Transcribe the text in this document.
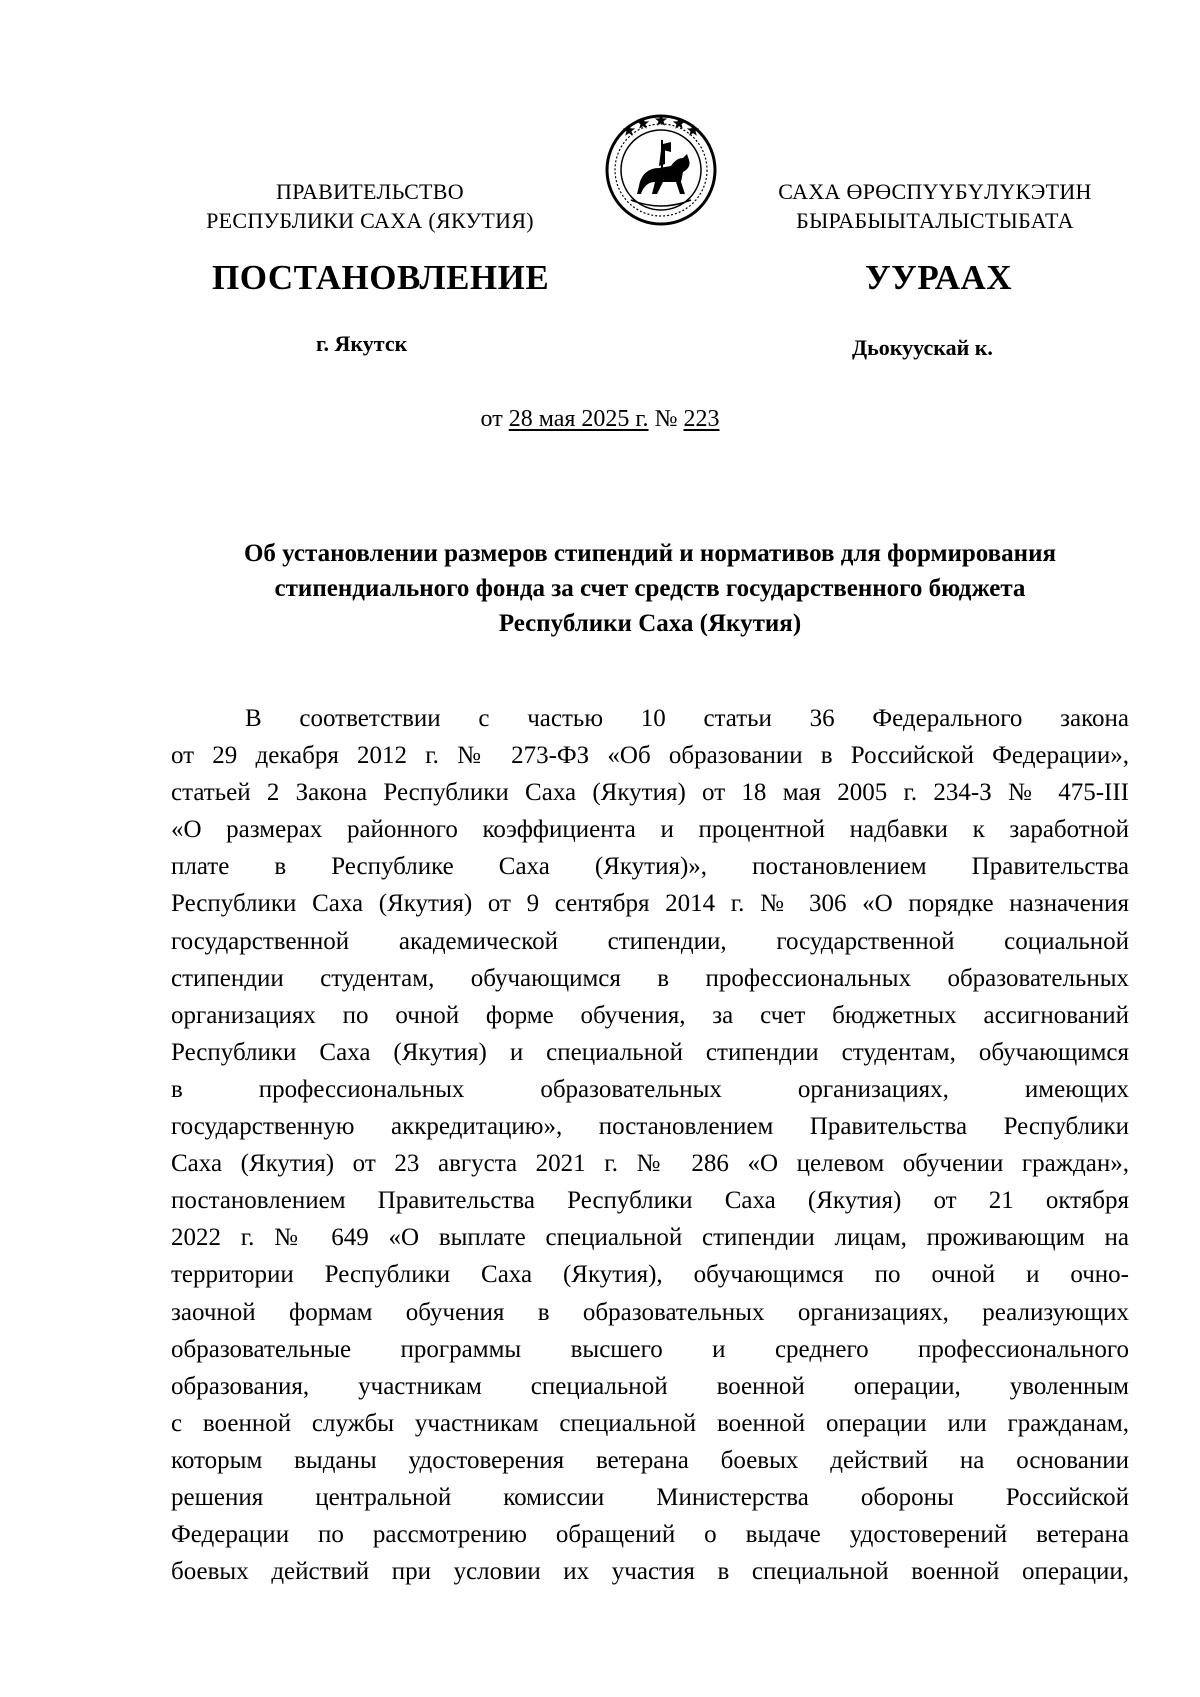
ПРАВИТЕЛЬСТВО
РЕСПУБЛИКИ САХА (ЯКУТИЯ)
САХА ӨРӨСПҮҮБҮЛҮКЭТИН
БЫРАБЫЫТАЛЫСТЫБАТА
ПОСТАНОВЛЕНИЕ	УУРААХ
г. Якутск	Дьокуускай к.
от 28 мая 2025 г. № 223
Об установлении размеров стипендий и нормативов для формирования
стипендиального фонда за счет средств государственного бюджета
Республики Саха (Якутия)
В соответствии с частью 10 статьи 36 Федерального закона
от 29 декабря 2012 г. № 273-ФЗ «Об образовании в Российской Федерации»,
статьей 2 Закона Республики Саха (Якутия) от 18 мая 2005 г. 234-З № 475-III
«О размерах районного коэффициента и процентной надбавки к заработной
плате в Республике Саха (Якутия)», постановлением Правительства
Республики Саха (Якутия) от 9 сентября 2014 г. № 306 «О порядке назначения
государственной академической стипендии, государственной социальной
стипендии студентам, обучающимся в профессиональных образовательных
организациях по очной форме обучения, за счет бюджетных ассигнований
Республики Саха (Якутия) и специальной стипендии студентам, обучающимся
в профессиональных образовательных организациях, имеющих
государственную аккредитацию», постановлением Правительства Республики
Саха (Якутия) от 23 августа 2021 г. № 286 «О целевом обучении граждан»,
постановлением Правительства Республики Саха (Якутия) от 21 октября
2022 г. № 649 «О выплате специальной стипендии лицам, проживающим на
территории Республики Саха (Якутия), обучающимся по очной и очно-
заочной формам обучения в образовательных организациях, реализующих
образовательные программы высшего и среднего профессионального
образования, участникам специальной военной операции, уволенным
с военной службы участникам специальной военной операции или гражданам,
которым выданы удостоверения ветерана боевых действий на основании
решения центральной комиссии Министерства обороны Российской
Федерации по рассмотрению обращений о выдаче удостоверений ветерана
боевых действий при условии их участия в специальной военной операции,
